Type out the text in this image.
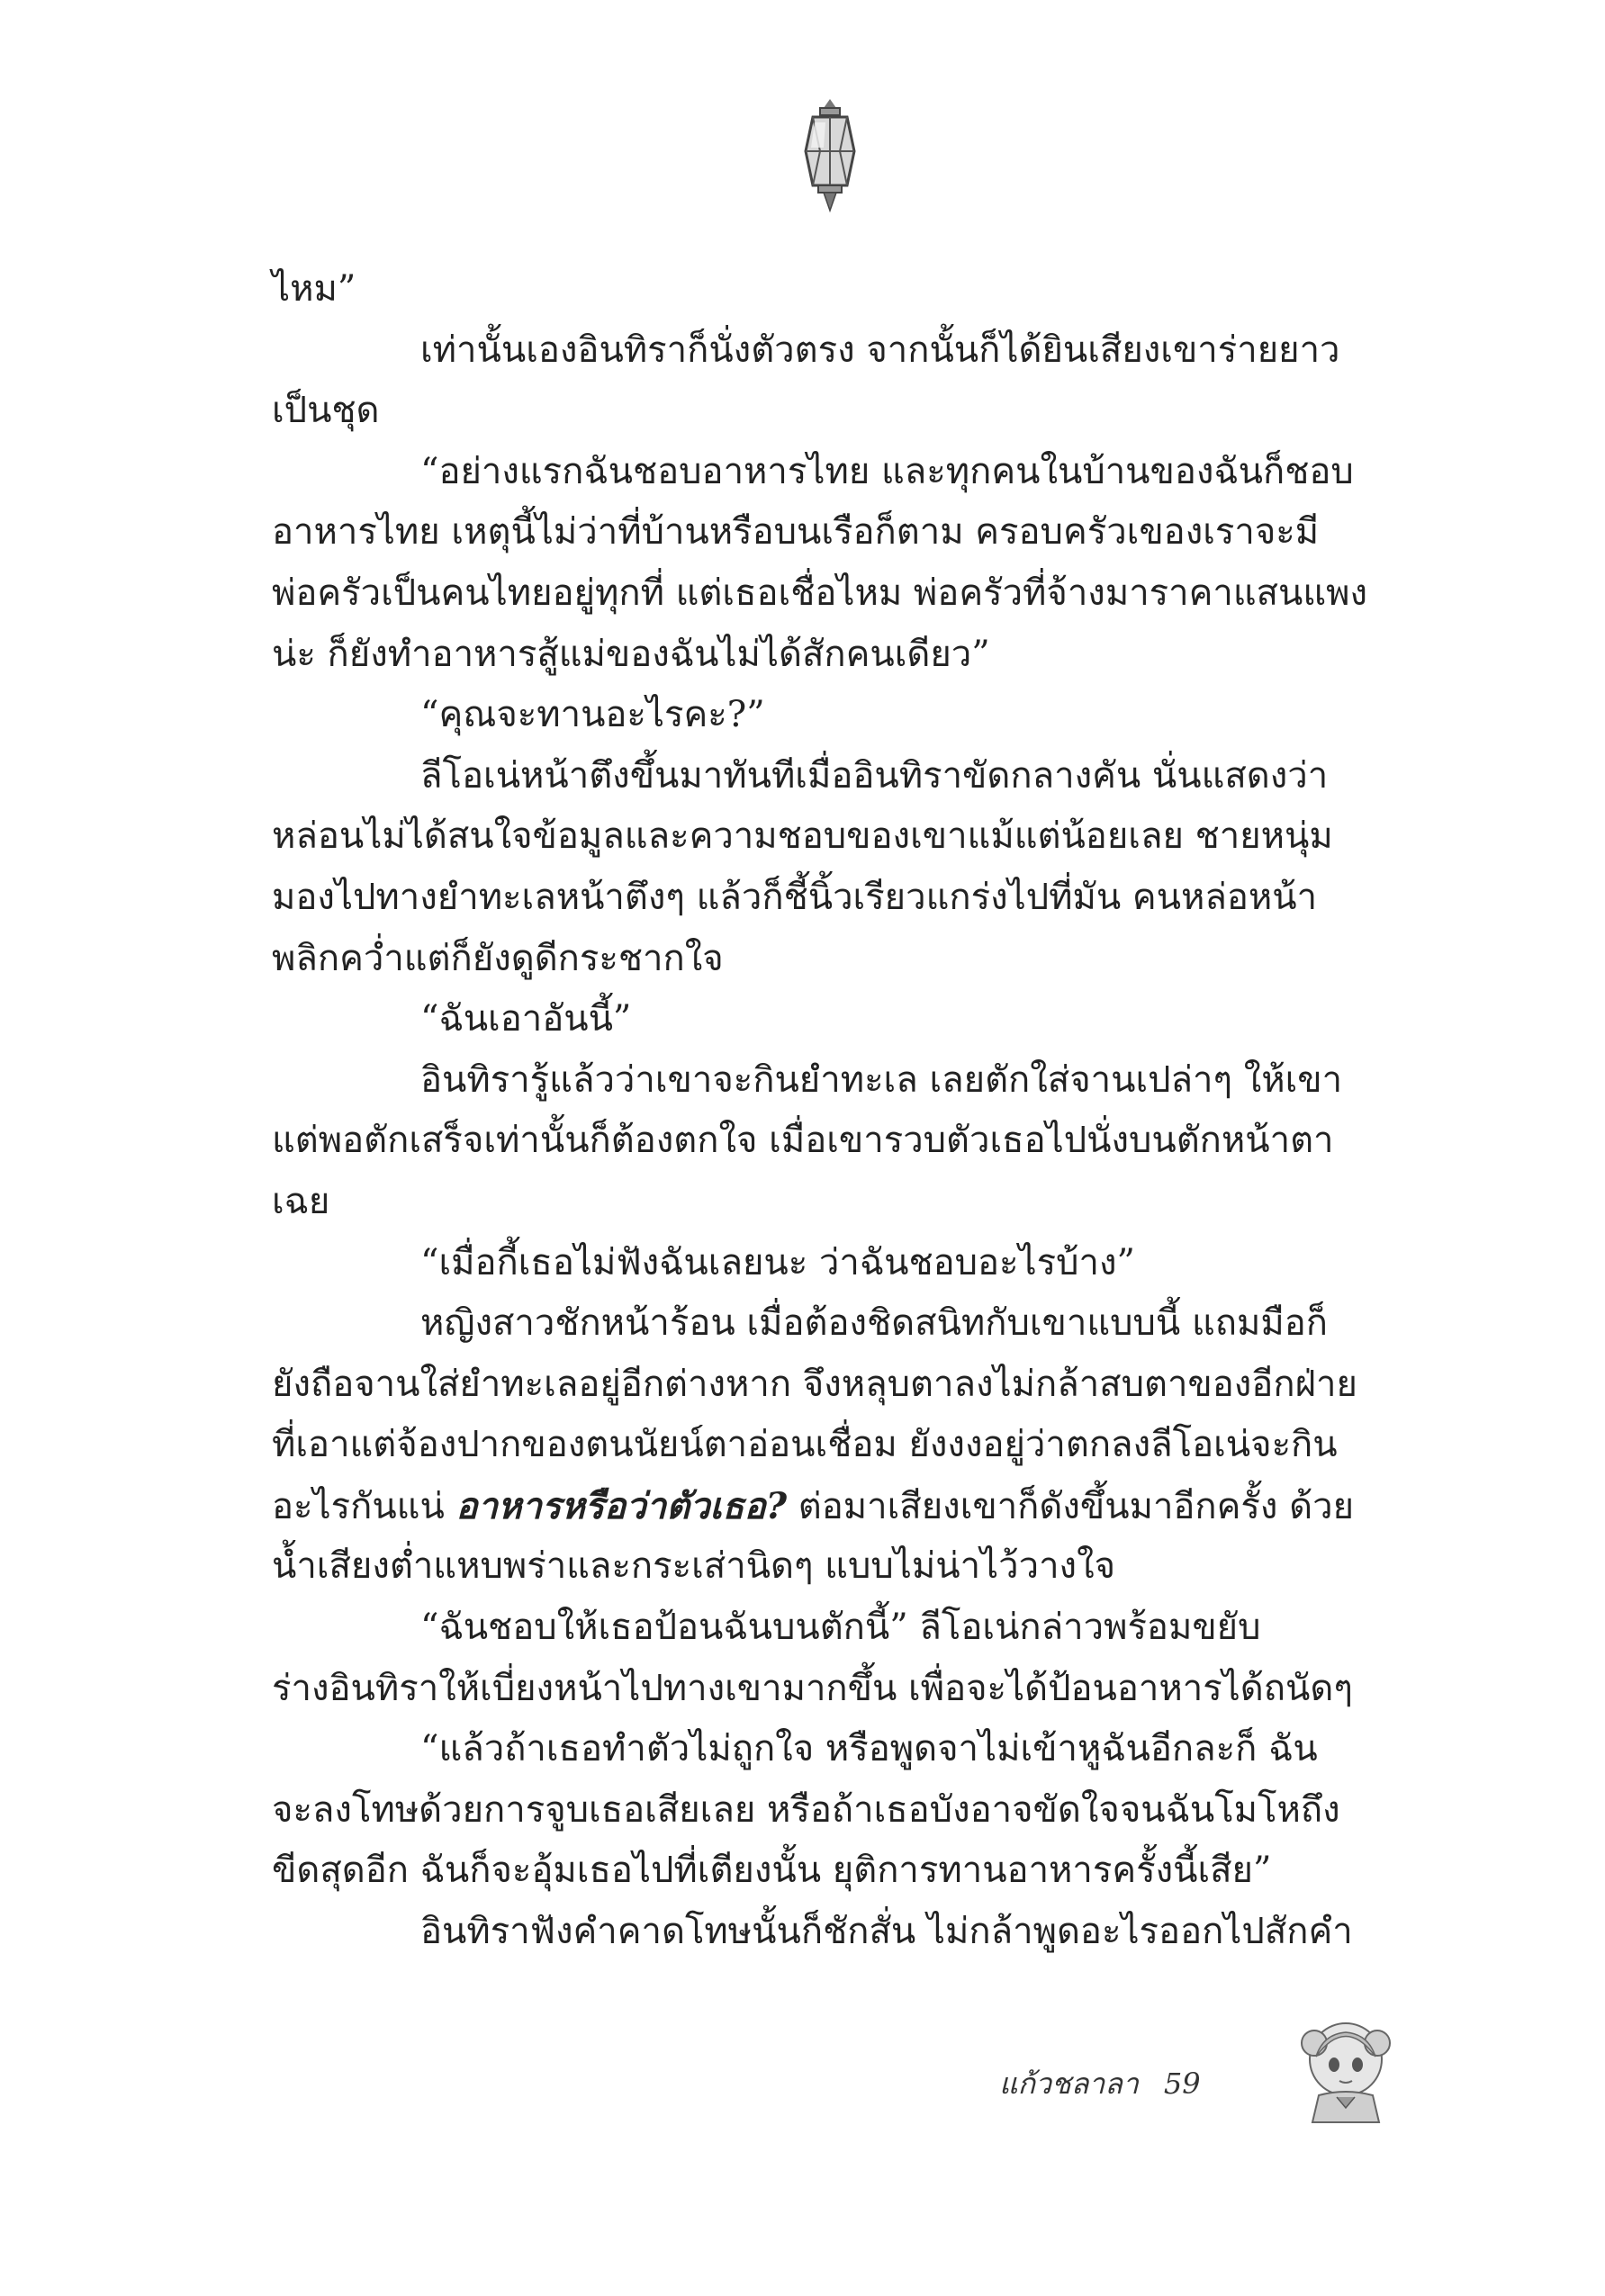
ไหม”
เท่านั้นเองอินทิราก็นั่งตัวตรง จากนั้นก็ได้ยินเสียงเขาร่ายยาว
เป็นชุด
“อย่างแรกฉันชอบอาหารไทย และทุกคนในบ้านของฉันก็ชอบ
อาหารไทย เหตุนี้ไม่ว่าที่บ้านหรือบนเรือก็ตาม ครอบครัวเของเราจะมี
พ่อครัวเป็นคนไทยอยู่ทุกที่ แต่เธอเชื่อไหม พ่อครัวที่จ้างมาราคาแสนแพง
น่ะ ก็ยังทำอาหารสู้แม่ของฉันไม่ได้สักคนเดียว”
“คุณจะทานอะไรคะ?”
ลีโอเน่หน้าตึงขึ้นมาทันทีเมื่ออินทิราขัดกลางคัน นั่นแสดงว่า
หล่อนไม่ได้สนใจข้อมูลและความชอบของเขาแม้แต่น้อยเลย ชายหนุ่ม
มองไปทางยำทะเลหน้าตึงๆ แล้วก็ชี้นิ้วเรียวแกร่งไปที่มัน คนหล่อหน้า
พลิกคว่ำแต่ก็ยังดูดีกระชากใจ
“ฉันเอาอันนี้”
อินทิรารู้แล้วว่าเขาจะกินยำทะเล เลยตักใส่จานเปล่าๆ ให้เขา
แต่พอตักเสร็จเท่านั้นก็ต้องตกใจ เมื่อเขารวบตัวเธอไปนั่งบนตักหน้าตา
เฉย
“เมื่อกี้เธอไม่ฟังฉันเลยนะ ว่าฉันชอบอะไรบ้าง”
หญิงสาวชักหน้าร้อน เมื่อต้องชิดสนิทกับเขาแบบนี้ แถมมือก็
ยังถือจานใส่ยำทะเลอยู่อีกต่างหาก จึงหลุบตาลงไม่กล้าสบตาของอีกฝ่าย
ที่เอาแต่จ้องปากของตนนัยน์ตาอ่อนเชื่อม ยังงงอยู่ว่าตกลงลีโอเน่จะกิน
อะไรกันแน่ อาหารหรือว่าตัวเธอ? ต่อมาเสียงเขาก็ดังขึ้นมาอีกครั้ง ด้วย
น้ำเสียงต่ำแหบพร่าและกระเส่านิดๆ แบบไม่น่าไว้วางใจ
“ฉันชอบให้เธอป้อนฉันบนตักนี้” ลีโอเน่กล่าวพร้อมขยับ
ร่างอินทิราให้เบี่ยงหน้าไปทางเขามากขึ้น เพื่อจะได้ป้อนอาหารได้ถนัดๆ
“แล้วถ้าเธอทำตัวไม่ถูกใจ หรือพูดจาไม่เข้าหูฉันอีกละก็ ฉัน
จะลงโทษด้วยการจูบเธอเสียเลย หรือถ้าเธอบังอาจขัดใจจนฉันโมโหถึง
ขีดสุดอีก ฉันก็จะอุ้มเธอไปที่เตียงนั้น ยุติการทานอาหารครั้งนี้เสีย”
อินทิราฟังคำคาดโทษนั้นก็ชักสั่น ไม่กล้าพูดอะไรออกไปสักคำ
แก้วชลาลา 59
